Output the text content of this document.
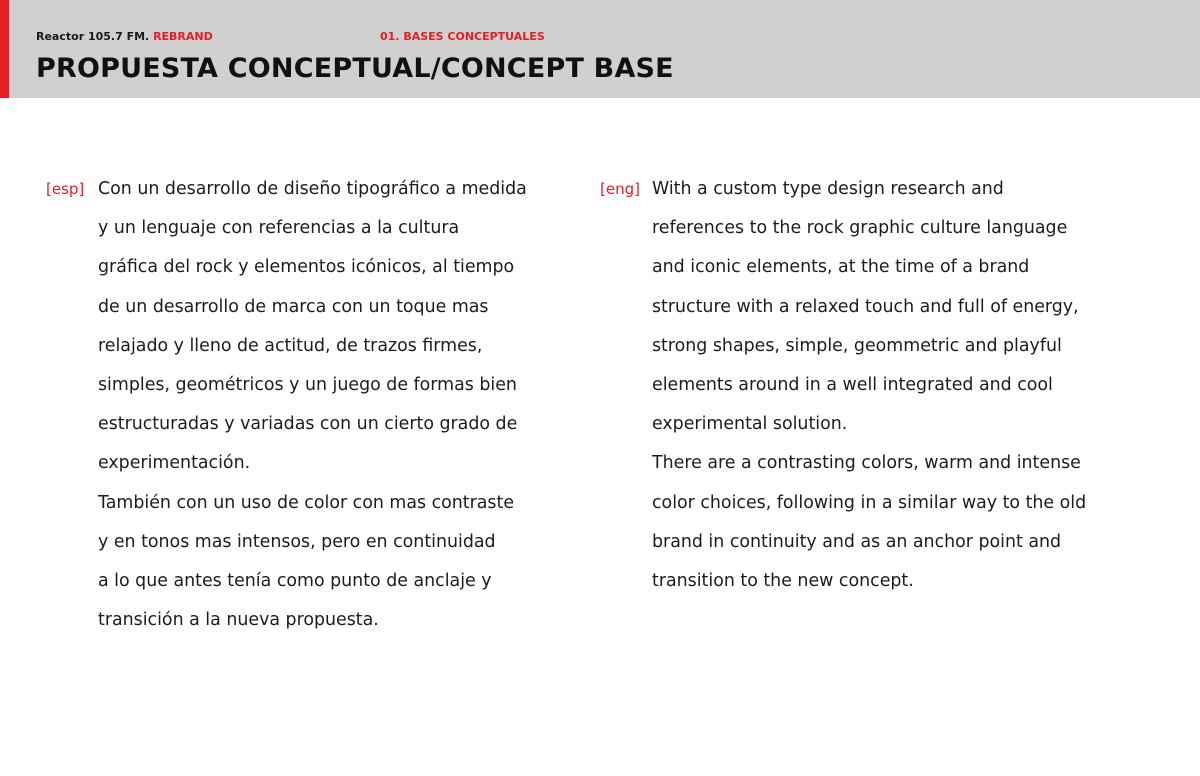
Reactor 105.7 FM. REBRAND	01. BASES CONCEPTUALES
PROPUESTA CONCEPTUAL/CONCEPT BASE
[esp] Con un desarrollo de diseño tipográfico a medida
y un lenguaje con referencias a la cultura
gráfica del rock y elementos icónicos, al tiempo
de un desarrollo de marca con un toque mas
relajado y lleno de actitud, de trazos firmes,
simples, geométricos y un juego de formas bien
estructuradas y variadas con un cierto grado de
experimentación.
También con un uso de color con mas contraste
y en tonos mas intensos, pero en continuidad
a lo que antes tenía como punto de anclaje y
transición a la nueva propuesta.
[eng] With a custom type design research and
references to the rock graphic culture language
and iconic elements, at the time of a brand
structure with a relaxed touch and full of energy,
strong shapes, simple, geommetric and playful
elements around in a well integrated and cool
experimental solution.
There are a contrasting colors, warm and intense
color choices, following in a similar way to the old
brand in continuity and as an anchor point and
transition to the new concept.
